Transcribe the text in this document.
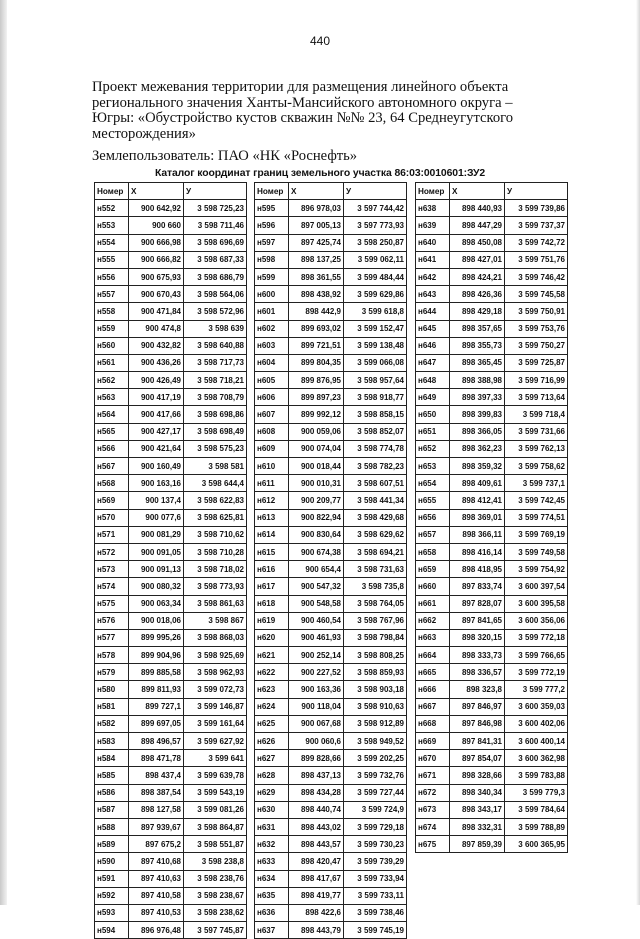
440

Проект межевания территории для размещения линейного объекта

регионального значения Ханты-Мансийского автономного округа –

Югры: «Обустройство кустов скважин №№ 23, 64 Среднеугутского

месторождения»

Землепользователь: ПАО «НК «Роснефть»

Каталог координат границ земельного участка 86:03:0010601:ЗУ2
Номер	X	У
н552	900 642,92	3 598 725,23
н553	900 660	3 598 711,46
н554	900 666,98	3 598 696,69
н555	900 666,82	3 598 687,33
н556	900 675,93	3 598 686,79
н557	900 670,43	3 598 564,06
н558	900 471,84	3 598 572,96
н559	900 474,8	3 598 639
н560	900 432,82	3 598 640,88
н561	900 436,26	3 598 717,73
н562	900 426,49	3 598 718,21
н563	900 417,19	3 598 708,79
н564	900 417,66	3 598 698,86
н565	900 427,17	3 598 698,49
н566	900 421,64	3 598 575,23
н567	900 160,49	3 598 581
н568	900 163,16	3 598 644,4
н569	900 137,4	3 598 622,83
н570	900 077,6	3 598 625,81
н571	900 081,29	3 598 710,62
н572	900 091,05	3 598 710,28
н573	900 091,13	3 598 718,02
н574	900 080,32	3 598 773,93
н575	900 063,34	3 598 861,63
н576	900 018,06	3 598 867
н577	899 995,26	3 598 868,03
н578	899 904,96	3 598 925,69
н579	899 885,58	3 598 962,93
н580	899 811,93	3 599 072,73
н581	899 727,1	3 599 146,87
н582	899 697,05	3 599 161,64
н583	898 496,57	3 599 627,92
н584	898 471,78	3 599 641
н585	898 437,4	3 599 639,78
н586	898 387,54	3 599 543,19
н587	898 127,58	3 599 081,26
н588	897 939,67	3 598 864,87
н589	897 675,2	3 598 551,87
н590	897 410,68	3 598 238,8
н591	897 410,63	3 598 238,76
н592	897 410,58	3 598 238,67
н593	897 410,53	3 598 238,62
н594	896 976,48	3 597 745,87
Номер	X	У
н595	896 978,03	3 597 744,42
н596	897 005,13	3 597 773,93
н597	897 425,74	3 598 250,87
н598	898 137,25	3 599 062,11
н599	898 361,55	3 599 484,44
н600	898 438,92	3 599 629,86
н601	898 442,9	3 599 618,8
н602	899 693,02	3 599 152,47
н603	899 721,51	3 599 138,48
н604	899 804,35	3 599 066,08
н605	899 876,95	3 598 957,64
н606	899 897,23	3 598 918,77
н607	899 992,12	3 598 858,15
н608	900 059,06	3 598 852,07
н609	900 074,04	3 598 774,78
н610	900 018,44	3 598 782,23
н611	900 010,31	3 598 607,51
н612	900 209,77	3 598 441,34
н613	900 822,94	3 598 429,68
н614	900 830,64	3 598 629,62
н615	900 674,38	3 598 694,21
н616	900 654,4	3 598 731,63
н617	900 547,32	3 598 735,8
н618	900 548,58	3 598 764,05
н619	900 460,54	3 598 767,96
н620	900 461,93	3 598 798,84
н621	900 252,14	3 598 808,25
н622	900 227,52	3 598 859,93
н623	900 163,36	3 598 903,18
н624	900 118,04	3 598 910,63
н625	900 067,68	3 598 912,89
н626	900 060,6	3 598 949,52
н627	899 828,66	3 599 202,25
н628	898 437,13	3 599 732,76
н629	898 434,28	3 599 727,44
н630	898 440,74	3 599 724,9
н631	898 443,02	3 599 729,18
н632	898 443,57	3 599 730,23
н633	898 420,47	3 599 739,29
н634	898 417,67	3 599 733,94
н635	898 419,77	3 599 733,11
н636	898 422,6	3 599 738,46
н637	898 443,79	3 599 745,19
Номер	X	У
н638	898 440,93	3 599 739,86
н639	898 447,29	3 599 737,37
н640	898 450,08	3 599 742,72
н641	898 427,01	3 599 751,76
н642	898 424,21	3 599 746,42
н643	898 426,36	3 599 745,58
н644	898 429,18	3 599 750,91
н645	898 357,65	3 599 753,76
н646	898 355,73	3 599 750,27
н647	898 365,45	3 599 725,87
н648	898 388,98	3 599 716,99
н649	898 397,33	3 599 713,64
н650	898 399,83	3 599 718,4
н651	898 366,05	3 599 731,66
н652	898 362,23	3 599 762,13
н653	898 359,32	3 599 758,62
н654	898 409,61	3 599 737,1
н655	898 412,41	3 599 742,45
н656	898 369,01	3 599 774,51
н657	898 366,11	3 599 769,19
н658	898 416,14	3 599 749,58
н659	898 418,95	3 599 754,92
н660	897 833,74	3 600 397,54
н661	897 828,07	3 600 395,58
н662	897 841,65	3 600 356,06
н663	898 320,15	3 599 772,18
н664	898 333,73	3 599 766,65
н665	898 336,57	3 599 772,19
н666	898 323,8	3 599 777,2
н667	897 846,97	3 600 359,03
н668	897 846,98	3 600 402,06
н669	897 841,31	3 600 400,14
н670	897 854,07	3 600 362,98
н671	898 328,66	3 599 783,88
н672	898 340,34	3 599 779,3
н673	898 343,17	3 599 784,64
н674	898 332,31	3 599 788,89
н675	897 859,39	3 600 365,95
